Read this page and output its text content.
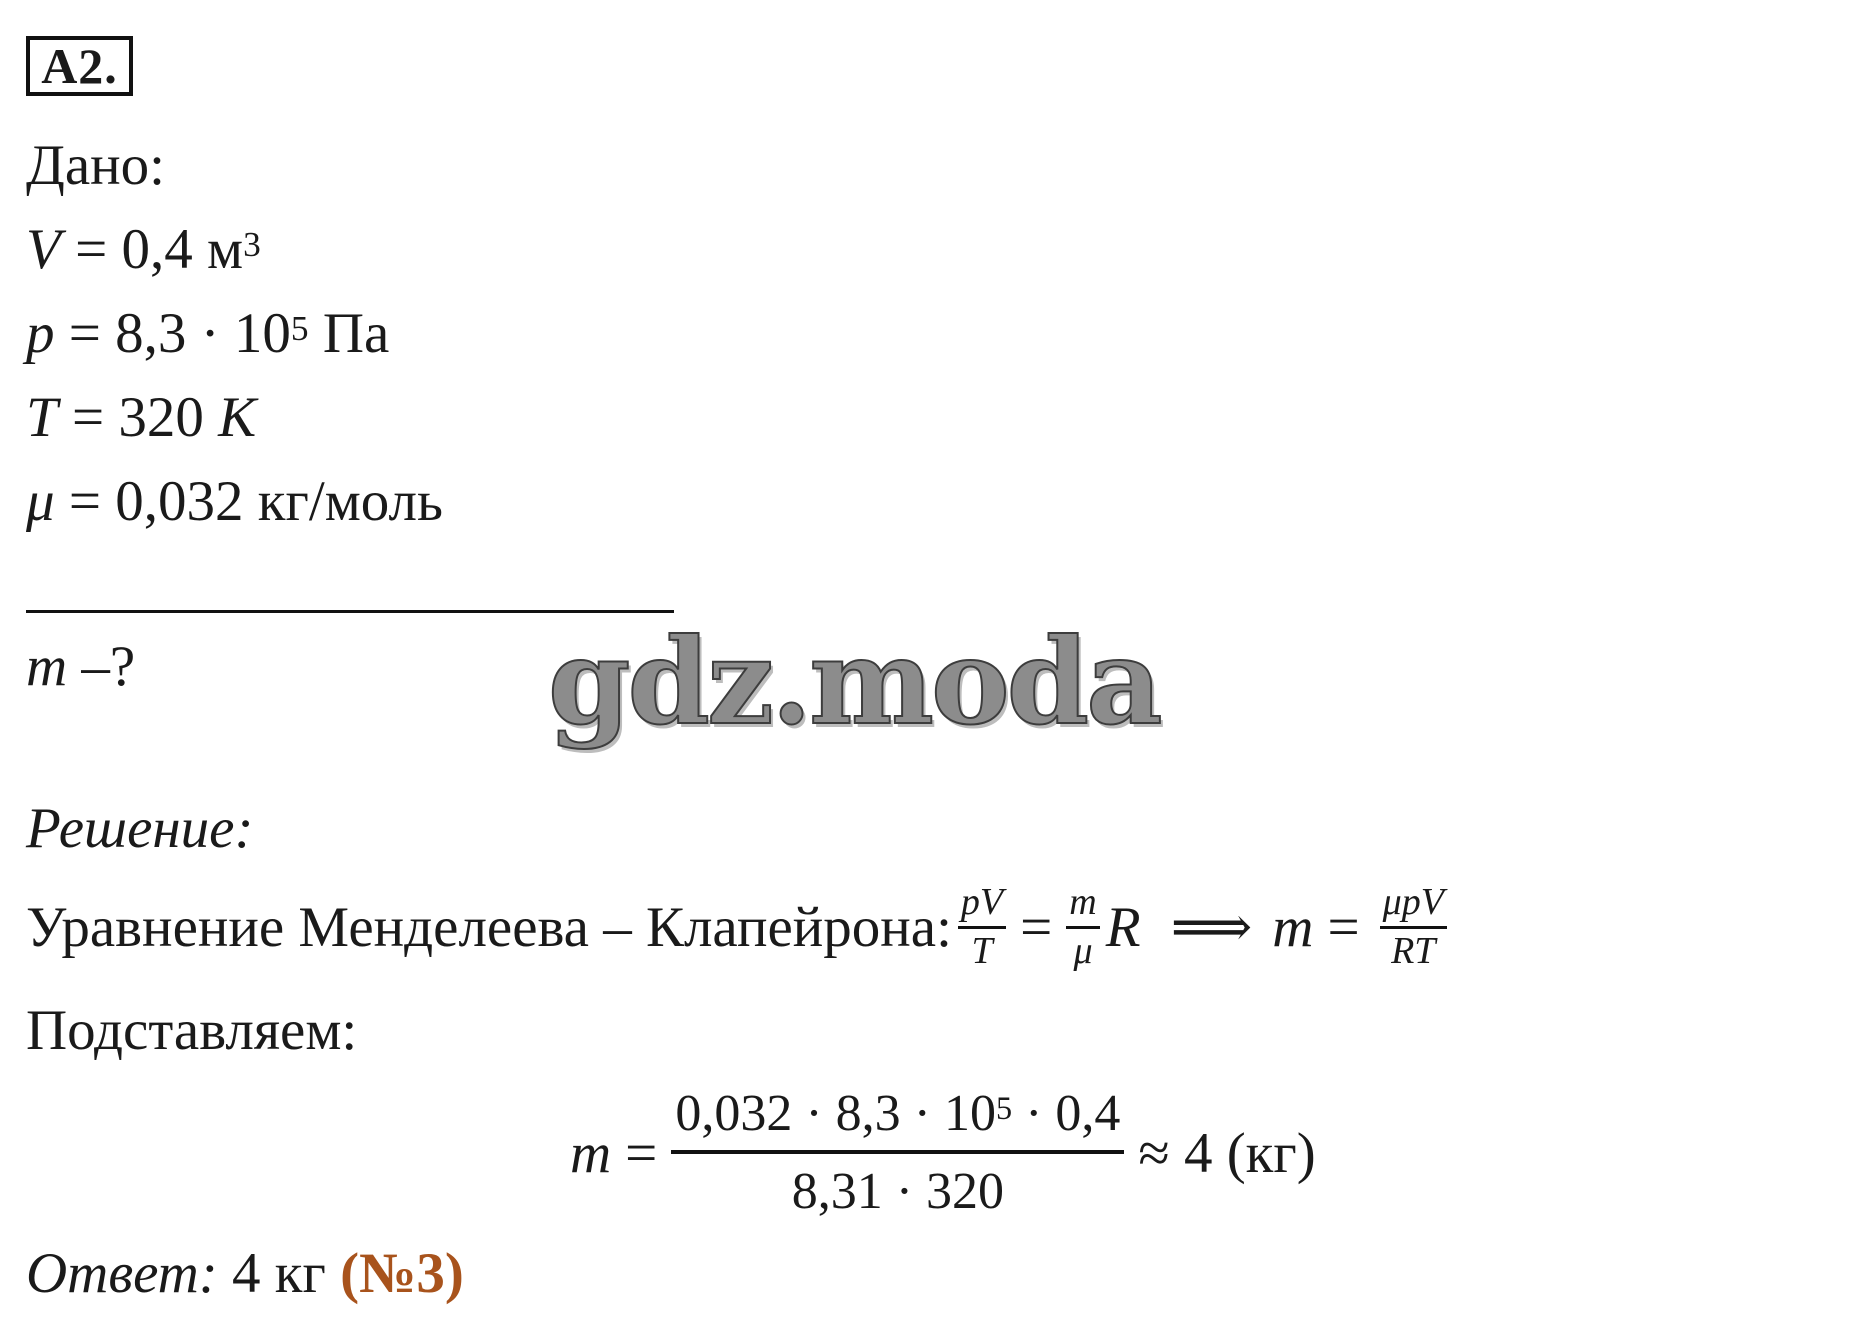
A2.
Дано:
V = 0,4 $м^3$
$p = 8,3 \cdot 10^5$ Па
T = 320 K
μ = 0,032 кг/моль
m –?	gdz.moda
Решение:
Уравнение Менделеева – Клапейрона: $\frac{pV}{T} = \frac{m}{\mu}$ R ⟹ $m = \frac{\text{μpV}}{RT}$
Подставляем:
$m = \frac{0,032 \cdot 8,3 \cdot 10^5 \cdot 0,4}{8,31 \cdot 320} \approx 4$ (кг)
Ответ: 4 кг (№3)
